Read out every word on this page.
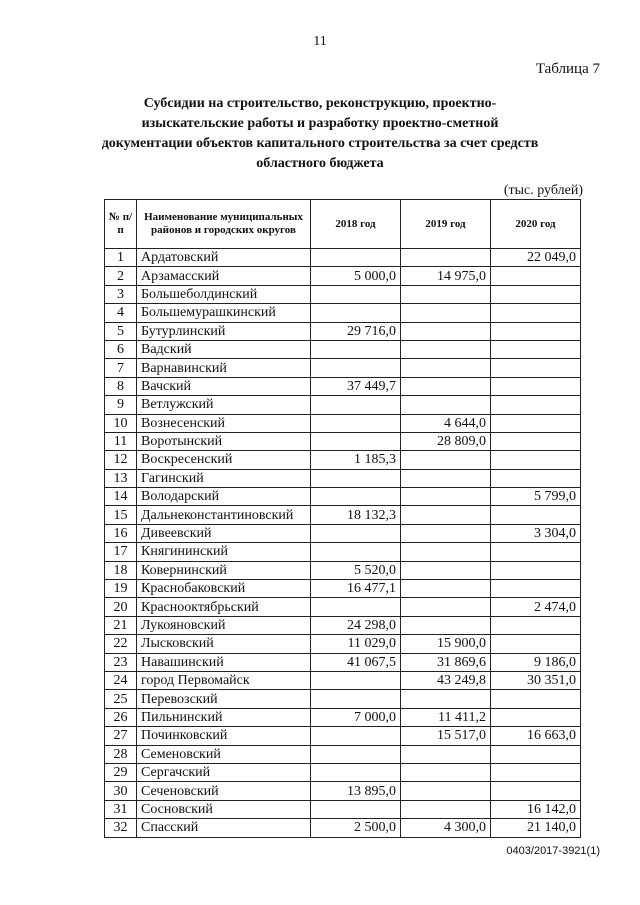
11
Таблица 7
Субсидии на строительство, реконструкцию, проектно-изыскательские работы и разработку проектно-сметной документации объектов капитального строительства за счет средств областного бюджета
(тыс. рублей)
№ п/п	Наименование муниципальных районов и городских округов	2018 год	2019 год	2020 год
1	Ардатовский			22 049,0
2	Арзамасский	5 000,0	14 975,0	
3	Большеболдинский			
4	Большемурашкинский			
5	Бутурлинский	29 716,0		
6	Вадский			
7	Варнавинский			
8	Вачский	37 449,7		
9	Ветлужский			
10	Вознесенский		4 644,0	
11	Воротынский		28 809,0	
12	Воскресенский	1 185,3		
13	Гагинский			
14	Володарский			5 799,0
15	Дальнеконстантиновский	18 132,3		
16	Дивеевский			3 304,0
17	Княгининский			
18	Ковернинский	5 520,0		
19	Краснобаковский	16 477,1		
20	Краснооктябрьский			2 474,0
21	Лукояновский	24 298,0		
22	Лысковский	11 029,0	15 900,0	
23	Навашинский	41 067,5	31 869,6	9 186,0
24	город Первомайск		43 249,8	30 351,0
25	Перевозский			
26	Пильнинский	7 000,0	11 411,2	
27	Починковский		15 517,0	16 663,0
28	Семеновский			
29	Сергачский			
30	Сеченовский	13 895,0		
31	Сосновский			16 142,0
32	Спасский	2 500,0	4 300,0	21 140,0
0403/2017-3921(1)
